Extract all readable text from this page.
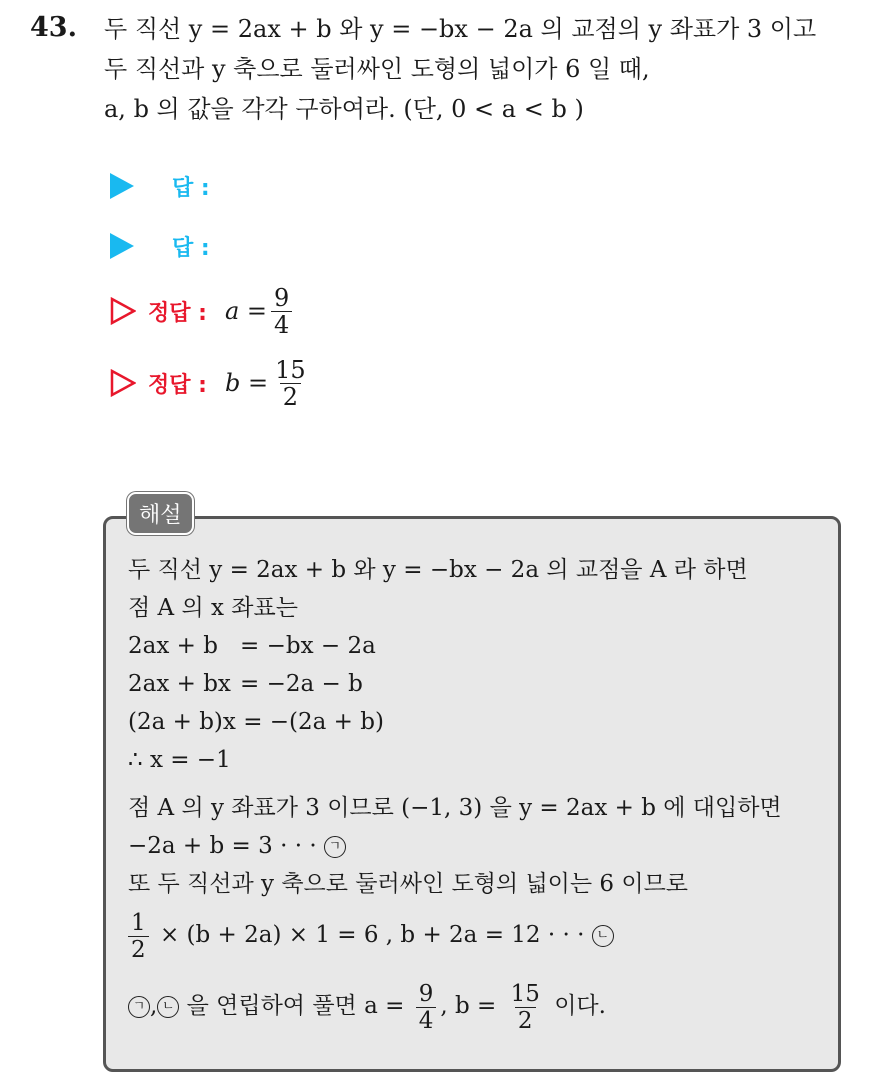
43. 두 직선 y = 2ax + b 와 y = −bx − 2a 의 교점의 y 좌표가 3 이고
두 직선과 y 축으로 둘러싸인 도형의 넓이가 6 일 때,
a, b 의 값을 각각 구하여라. (단, 0 < a < b )
답 :
답 :
정답 : $a = \frac{9}{4}$
정답 : $b = \frac{15}{2}$
해설
두 직선 y = 2ax + b 와 y = −bx − 2a 의 교점을 A 라 하면
점 A 의 x 좌표는
2ax + b = −bx − 2a
2ax + bx = −2a − b
(2a + b)x = −(2a + b)
∴ x = −1
점 A 의 y 좌표가 3 이므로 (−1, 3) 을 y = 2ax + b 에 대입하면
−2a + b = 3 · · · ㄱ
또 두 직선과 y 축으로 둘러싸인 도형의 넓이는 6 이므로
$\frac{1}{2} \times (b + 2a) \times 1 = 6$ , b + 2a = 12 · · · ㄴ
ㄱ , ㄴ 을 연립하여 풀면 $a = \frac{9}{4}$ , $b = \frac{15}{2}$ 이다.
